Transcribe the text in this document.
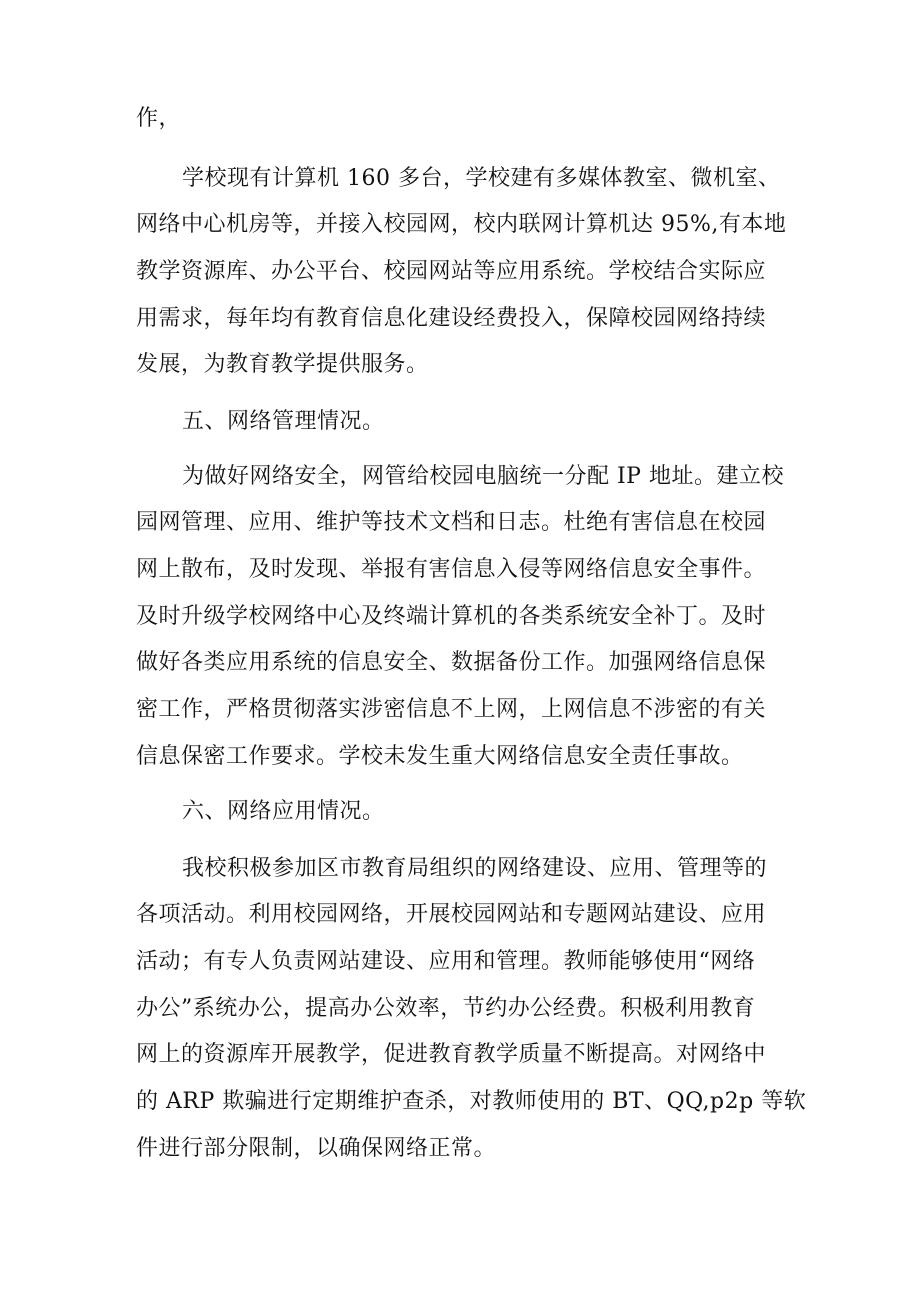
作，
学校现有计算机 160 多台，学校建有多媒体教室、微机室、
网络中心机房等，并接入校园网，校内联网计算机达 95%,有本地
教学资源库、办公平台、校园网站等应用系统。学校结合实际应
用需求，每年均有教育信息化建设经费投入，保障校园网络持续
发展，为教育教学提供服务。
五、网络管理情况。
为做好网络安全，网管给校园电脑统一分配 IP 地址。建立校
园网管理、应用、维护等技术文档和日志。杜绝有害信息在校园
网上散布，及时发现、举报有害信息入侵等网络信息安全事件。
及时升级学校网络中心及终端计算机的各类系统安全补丁。及时
做好各类应用系统的信息安全、数据备份工作。加强网络信息保
密工作，严格贯彻落实涉密信息不上网，上网信息不涉密的有关
信息保密工作要求。学校未发生重大网络信息安全责任事故。
六、网络应用情况。
我校积极参加区市教育局组织的网络建设、应用、管理等的
各项活动。利用校园网络，开展校园网站和专题网站建设、应用
活动；有专人负责网站建设、应用和管理。教师能够使用“网络
办公”系统办公，提高办公效率，节约办公经费。积极利用教育
网上的资源库开展教学，促进教育教学质量不断提高。对网络中
的 ARP 欺骗进行定期维护查杀，对教师使用的 BT、QQ,p2p 等软
件进行部分限制，以确保网络正常。
